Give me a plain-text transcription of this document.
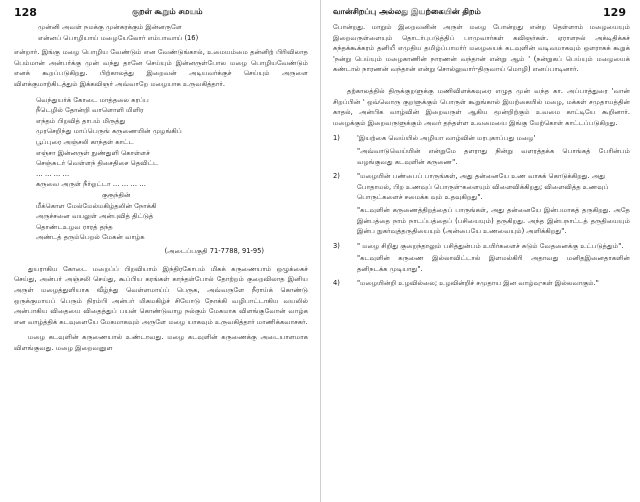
128	குறள் கூறும் சமயம்
முன்னி அவள் நமக்கு முன்சுரக்கும் இன்னருளே
என்னப் பொழியாய் மழையேலோர் எம்பாவாய் (16)

என்றார். இங்கு மழை பொழிய வேண்டும் என வேண்டுங்கால், உமையம்மை தன்னிற் பிரிவிலாத பெம்மான் அன்பர்க்கு முன் வந்து தானே செய்யும் இன்னருள்போல மழை பொழியவேண்டும் எனக் கூறப்படுகிறது. பிற்காலத்து இறைவன் அடியவர்க்குச் செய்யும் அருளை விளக்குமாற்கிடத்தும் இக்கவிஞர் அவ்வாறே மழையாக உருவகித்தார்.

வெந்துயர்க் கோடை மாத்தலை கரப்ப
நீடெழில் தோன்றி வாளொளி மிளிர
எந்தம் பிறவித் தாபம் மிருத்து
முரசெறிந்து மாப்பெருங் கருணையின் முழங்கிப்
பூப்புரை அஞ்சலி காந்தள் காட்ட
எஞ்சா இன்னருள் நுண்துளி கொள்ளச்
செஞ்சுடர் வெள்ளந் திசைதிசை தெவிட்ட
… … … …
கருவை அருள் நீர்ஓட்டா … … … …
குரூந்தின்
மீக்கொள மேல்மேல்மகிழ்தலின் நோக்கி
அருச்சனை வயலுள் அன்புவித் திட்டுத்
தொண்டஉழவ ராரத் தந்த
அண்டத் தரும்பெறல் மேகன் வாழ்க
(அடைப்பகுதி 71-7788, 91-95)

துயராகிய கோடை மறைப்ப் பிறவியாம் இந்திரகோபம் மிகக் கருணையாம் ஒழுக்கைச் செய்து, அன்பர் அஞ்சலி செய்து, கூப்பிய கரங்கள் காந்தள்போல் தோற்றம் குறைவிலாத இனிய அருள் மழைத்துளியாக வீழ்ந்து வெள்ளமாய்ப் பெருக, அவ்வருளே நீராய்க் கொண்டு ஒருக்குமாயப் பெரும் நிரம்பி அன்பர் மிகமகிழ்ச் சியோடு நோக்கி வழிபாட்டாகிய வயலில் அன்பாகிய விதையை விதைத்துப் பயன் கொண்டுவாழ நல்கும் மேகமாக விளங்குவோன் வாழ்க என வாழ்த்திக் கடவுளையே மேகமாகவும் அருளே மழை யாகவும் உருவகித்தார் மாணிக்கவாசகர்.

மழை கடவுளின் கருணையால் உண்டாவது. மழை கடவுளின் கருணைக்கு அடையாளமாக விளங்குவது. மழை இறைவனுள

வான்சிறப்பு அல்லது இயற்கையின் திறம்	129

போன்றது. மாறும் இறைவனின் அருள் மழை போன்றது என்ற தெள்ளாம் மழையையும் இறைவருள்ளையும் தொடர்புபடுத்திப் பாமுவார்கள் கவிஞர்கள். ஏராளநல் அக்டிதிக்கச் சுந்தக்கூக்கரம் தனியீ எமுதிய தமிழ்ப்பாமர்ர் மழையைக் கடவுளின் வடிவமாகவும் ஒளராகக் கூறுக் 'நன்று பெய்யும் மழைகாணின் நாரணன் வந்தான் என்று ஆம் ' (நன்றுகப் பெய்யும் மழையைக் கண்டால் நாரணன் வந்தான் என்று சொல்லுவார்-திருவாய் மொழி) எனப்பாடினார்.

தற்காலத்தில் திருக்குறளுக்கு மணிவிளக்கவுரை எழுத முன் வந்த கா. அப்பாத்துரை 'வான் சிறப்பின் ' ஒவ்வொரு குறளுக்கும் பொருள் கூறுங்கால் இயற்கையில் மழை, மக்கள் சமுதாயத்தின் காதல், அன்பிக வாழ்வின் இறைவருள் ஆகிய மூன்றிற்கும் உவமை காட்டியே கூறினார். மழைக்கும் இறைவருளுக்கும் அவர் தந்தள்ள உவமையை இங்கு மேற்கொள் காட்டப்படுகிறது.

1)	'இயற்கை வெய்யில் அழியா வாழ்வின் மரபுகாப்பது மழை'

"அவ்வாடுவெய்யின் என்றுமே தளராது நின்று வளரத்தக்க பொங்கத் பேரின்பம் வழங்குவது கடவுளின் கருணை".

2)	"மழையின் பண்பைப் பாருங்கள், அது தன்னையே உண வாகக் கொடுக்கிறது. அது போதாமல், பிற உணவுப் பொருள்-களையும் விளைவிக்கிறது; விளைவித்த உணவுப் பொருட்களைச் சமைக்க வும் உதவுகிறது".

"கடவுளின் கருணைத்திறத்தைப் பாருங்கள், அது தன்னையே இன்பமாகத் தருகிறது. அதே இன்பத்தை நாம் நாடப்பத்தைப் (பசியையும்) தருகிறது. அந்த இன்பநாட்டத் தருதியையும் இன்ப நுகர்வுத்தருதியையும் (அன்பையே உணவையும்) அளிக்கிறது".

3)	" மழை சிறிது குறைந்தாலும் பசித்துன்பம் உயிர்களைச் சுடும் வேதனைக்கு உட்படுத்தும்".

"கடவுளின் கருணை இல்லாவிட்டால் இளமல்கிரி அதாவது மனிதஇனைதாகளின் தனிநடக்க முடியாது".

4)	"மழையின்றி உழவில்லை; உழவின்றிச் சமுதாய இன வாழ்வு-கள் இல்லவாகும்."
